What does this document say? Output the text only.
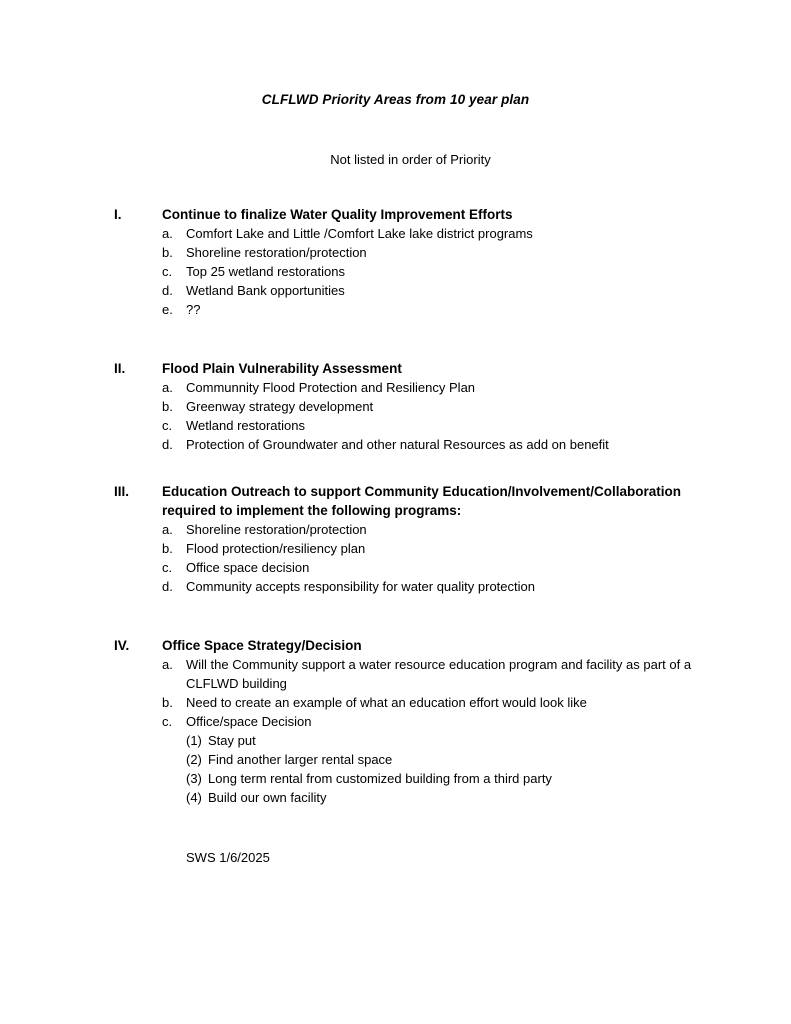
CLFLWD Priority Areas from 10 year plan
Not listed in order of Priority
I.	Continue to finalize Water Quality Improvement Efforts
a.	Comfort Lake and Little /Comfort Lake lake district programs
b.	Shoreline restoration/protection
c.	Top 25 wetland restorations
d.	Wetland Bank opportunities
e.	??
II.	Flood Plain Vulnerability Assessment
a.	Communnity Flood Protection and Resiliency Plan
b.	Greenway strategy development
c.	Wetland restorations
d.	Protection of Groundwater and other natural Resources as add on benefit
III.	Education Outreach to support Community Education/Involvement/Collaboration required to implement the following programs:
a.	Shoreline restoration/protection
b.	Flood protection/resiliency plan
c.	Office space decision
d.	Community accepts responsibility for water quality protection
IV.	Office Space Strategy/Decision
a.	Will the Community support a water resource education program and facility as part of a CLFLWD building
b.	Need to create an example of what an education effort would look like
c.	Office/space Decision
(1) Stay put
(2) Find another larger rental space
(3) Long term rental from customized building from a third party
(4) Build our own facility
SWS 1/6/2025
